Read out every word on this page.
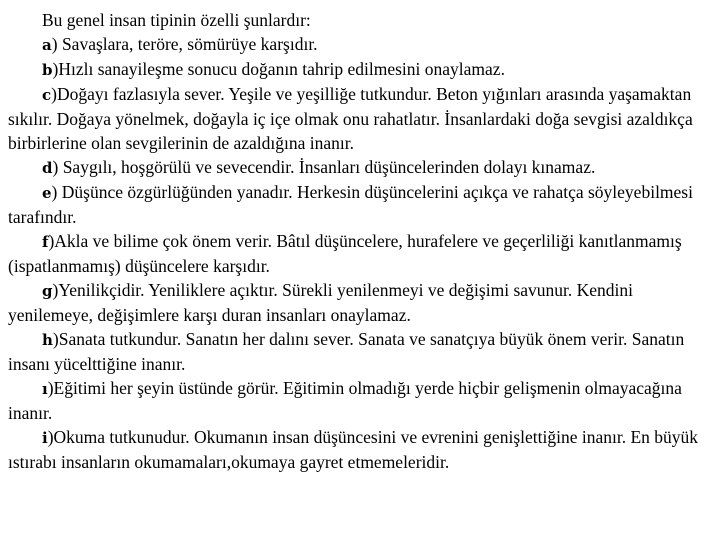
Bu genel insan tipinin özelli şunlardır:

a) Savaşlara, teröre, sömürüye karşıdır.

b)Hızlı sanayileşme sonucu doğanın tahrip edilmesini onaylamaz.

c)Doğayı fazlasıyla sever. Yeşile ve yeşilliğe tutkundur. Beton yığınları arasında yaşamaktan sıkılır. Doğaya yönelmek, doğayla iç içe olmak onu rahatlatır. İnsanlardaki doğa sevgisi azaldıkça birbirlerine olan sevgilerinin de azaldığına inanır.

d) Saygılı, hoşgörülü ve sevecendir. İnsanları düşüncelerinden dolayı kınamaz.

e) Düşünce özgürlüğünden yanadır. Herkesin düşüncelerini açıkça ve rahatça söyleyebilmesi tarafındır.

f)Akla ve bilime çok önem verir. Bâtıl düşüncelere, hurafelere ve geçerliliği kanıtlanmamış (ispatlanmamış) düşüncelere karşıdır.

g)Yenilikçidir. Yeniliklere açıktır. Sürekli yenilenmeyi ve değişimi savunur. Kendini yenilemeye, değişimlere karşı duran insanları onaylamaz.

h)Sanata tutkundur. Sanatın her dalını sever. Sanata ve sanatçıya büyük önem verir. Sanatın insanı yücelttiğine inanır.

ı)Eğitimi her şeyin üstünde görür. Eğitimin olmadığı yerde hiçbir gelişmenin olmayacağına inanır.

i)Okuma tutkunudur. Okumanın insan düşüncesini ve evrenini genişlettiğine inanır. En büyük ıstırabı insanların okumamaları,okumaya gayret etmemeleridir.
